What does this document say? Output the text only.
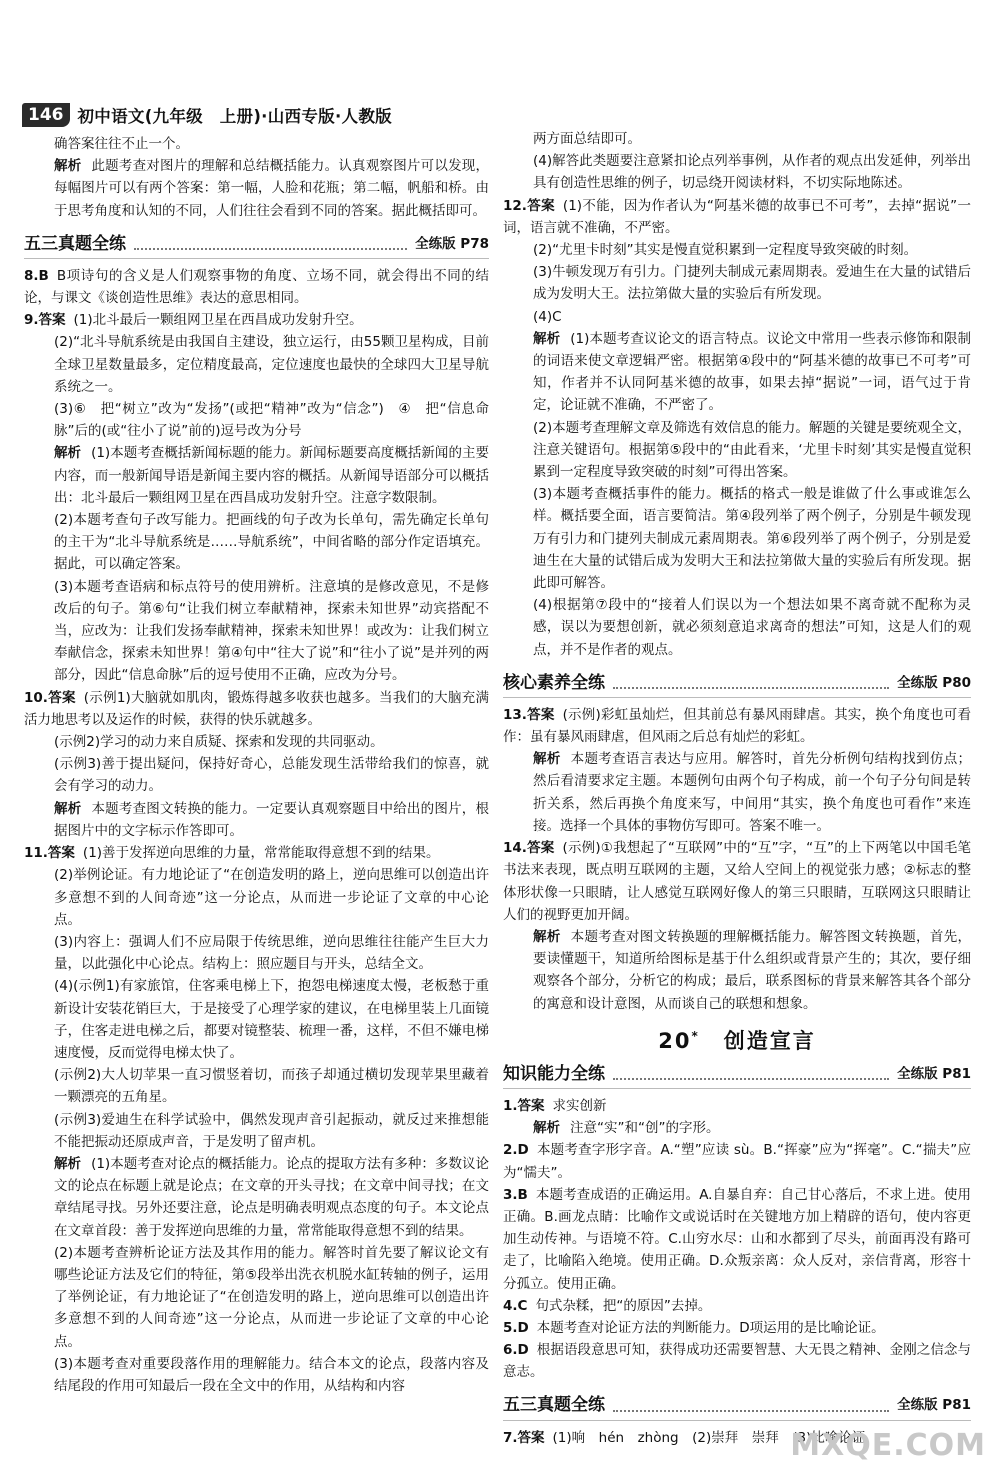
146 初中语文(九年级　上册)·山西专版·人教版

确答案往往不止一个。

解析 此题考查对图片的理解和总结概括能力。认真观察图片可以发现，每幅图片可以有两个答案：第一幅，人脸和花瓶；第二幅，帆船和桥。由于思考角度和认知的不同，人们往往会看到不同的答案。据此概括即可。

五三真题全练	全练版 P78

8.B B项诗句的含义是人们观察事物的角度、立场不同，就会得出不同的结论，与课文《谈创造性思维》表达的意思相同。

9.答案 (1)北斗最后一颗组网卫星在西昌成功发射升空。

(2)“北斗导航系统是由我国自主建设，独立运行，由55颗卫星构成，目前全球卫星数量最多，定位精度最高，定位速度也最快的全球四大卫星导航系统之一。

(3)⑥　把“树立”改为“发扬”(或把“精神”改为“信念”)　④　把“信息命脉”后的(或“往小了说”前的)逗号改为分号

解析 (1)本题考查概括新闻标题的能力。新闻标题要高度概括新闻的主要内容，而一般新闻导语是新闻主要内容的概括。从新闻导语部分可以概括出：北斗最后一颗组网卫星在西昌成功发射升空。注意字数限制。

(2)本题考查句子改写能力。把画线的句子改为长单句，需先确定长单句的主干为“北斗导航系统是……导航系统”，中间省略的部分作定语填充。据此，可以确定答案。

(3)本题考查语病和标点符号的使用辨析。注意填的是修改意见，不是修改后的句子。第⑥句“让我们树立奉献精神，探索未知世界”动宾搭配不当，应改为：让我们发扬奉献精神，探索未知世界！或改为：让我们树立奉献信念，探索未知世界！第④句中“往大了说”和“往小了说”是并列的两部分，因此“信息命脉”后的逗号使用不正确，应改为分号。

10.答案 (示例1)大脑就如肌肉，锻炼得越多收获也越多。当我们的大脑充满活力地思考以及运作的时候，获得的快乐就越多。

(示例2)学习的动力来自质疑、探索和发现的共同驱动。

(示例3)善于提出疑问，保持好奇心，总能发现生活带给我们的惊喜，就会有学习的动力。

解析 本题考查图文转换的能力。一定要认真观察题目中给出的图片，根据图片中的文字标示作答即可。

11.答案 (1)善于发挥逆向思维的力量，常常能取得意想不到的结果。

(2)举例论证。有力地论证了“在创造发明的路上，逆向思维可以创造出许多意想不到的人间奇迹”这一分论点，从而进一步论证了文章的中心论点。

(3)内容上：强调人们不应局限于传统思维，逆向思维往往能产生巨大力量，以此强化中心论点。结构上：照应题目与开头，总结全文。

(4)(示例1)有家旅馆，住客乘电梯上下，抱怨电梯速度太慢，老板愁于重新设计安装花销巨大，于是接受了心理学家的建议，在电梯里装上几面镜子，住客走进电梯之后，都要对镜整装、梳理一番，这样，不但不嫌电梯速度慢，反而觉得电梯太快了。

(示例2)大人切苹果一直习惯竖着切，而孩子却通过横切发现苹果里藏着一颗漂亮的五角星。

(示例3)爱迪生在科学试验中，偶然发现声音引起振动，就反过来推想能不能把振动还原成声音，于是发明了留声机。

解析 (1)本题考查对论点的概括能力。论点的提取方法有多种：多数议论文的论点在标题上就是论点；在文章的开头寻找；在文章中间寻找；在文章结尾寻找。另外还要注意，论点是明确表明观点态度的句子。本文论点在文章首段：善于发挥逆向思维的力量，常常能取得意想不到的结果。

(2)本题考查辨析论证方法及其作用的能力。解答时首先要了解议论文有哪些论证方法及它们的特征，第⑤段举出洗衣机脱水缸转轴的例子，运用了举例论证，有力地论证了“在创造发明的路上，逆向思维可以创造出许多意想不到的人间奇迹”这一分论点，从而进一步论证了文章的中心论点。

(3)本题考查对重要段落作用的理解能力。结合本文的论点，段落内容及结尾段的作用可知最后一段在全文中的作用，从结构和内容

两方面总结即可。

(4)解答此类题要注意紧扣论点列举事例，从作者的观点出发延伸，列举出具有创造性思维的例子，切忌绕开阅读材料，不切实际地陈述。

12.答案 (1)不能，因为作者认为“阿基米德的故事已不可考”，去掉“据说”一词，语言就不准确，不严密。

(2)“尤里卡时刻”其实是慢直觉积累到一定程度导致突破的时刻。

(3)牛顿发现万有引力。门捷列夫制成元素周期表。爱迪生在大量的试错后成为发明大王。法拉第做大量的实验后有所发现。

(4)C

解析 (1)本题考查议论文的语言特点。议论文中常用一些表示修饰和限制的词语来使文章逻辑严密。根据第④段中的“阿基米德的故事已不可考”可知，作者并不认同阿基米德的故事，如果去掉“据说”一词，语气过于肯定，论证就不准确，不严密了。

(2)本题考查理解文章及筛选有效信息的能力。解题的关键是要统观全文，注意关键语句。根据第⑤段中的“由此看来，‘尤里卡时刻’其实是慢直觉积累到一定程度导致突破的时刻”可得出答案。

(3)本题考查概括事件的能力。概括的格式一般是谁做了什么事或谁怎么样。概括要全面，语言要简洁。第④段列举了两个例子，分别是牛顿发现万有引力和门捷列夫制成元素周期表。第⑥段列举了两个例子，分别是爱迪生在大量的试错后成为发明大王和法拉第做大量的实验后有所发现。据此即可解答。

(4)根据第⑦段中的“接着人们误以为一个想法如果不离奇就不配称为灵感，误以为要想创新，就必须刻意追求离奇的想法”可知，这是人们的观点，并不是作者的观点。

核心素养全练	全练版 P80

13.答案 (示例)彩虹虽灿烂，但其前总有暴风雨肆虐。其实，换个角度也可看作：虽有暴风雨肆虐，但风雨之后总有灿烂的彩虹。

解析 本题考查语言表达与应用。解答时，首先分析例句结构找到仿点；然后看清要求定主题。本题例句由两个句子构成，前一个句子分句间是转折关系，然后再换个角度来写，中间用“其实，换个角度也可看作”来连接。选择一个具体的事物仿写即可。答案不唯一。

14.答案 (示例)①我想起了“互联网”中的“互”字，“互”的上下两笔以中国毛笔书法来表现，既点明互联网的主题，又给人空间上的视觉张力感；②标志的整体形状像一只眼睛，让人感觉互联网好像人的第三只眼睛，互联网这只眼睛让人们的视野更加开阔。

解析 本题考查对图文转换题的理解概括能力。解答图文转换题，首先，要读懂题干，知道所给图标是基于什么组织或背景产生的；其次，要仔细观察各个部分，分析它的构成；最后，联系图标的背景来解答其各个部分的寓意和设计意图，从而谈自己的联想和想象。

20* 创造宣言
知识能力全练	全练版 P81

1.答案 求实创新

解析 注意“实”和“创”的字形。

2.D 本题考查字形字音。A.“塑”应读 sù。B.“挥豪”应为“挥毫”。C.“揣夫”应为“懦夫”。

3.B 本题考查成语的正确运用。A.自暴自弃：自己甘心落后，不求上进。使用正确。B.画龙点睛：比喻作文或说话时在关键地方加上精辟的语句，使内容更加生动传神。与语境不符。C.山穷水尽：山和水都到了尽头，前面再没有路可走了，比喻陷入绝境。使用正确。D.众叛亲离：众人反对，亲信背离，形容十分孤立。使用正确。

4.C 句式杂糅，把“的原因”去掉。

5.D 本题考查对论证方法的判断能力。D项运用的是比喻论证。

6.D 根据语段意思可知，获得成功还需要智慧、大无畏之精神、金刚之信念与意志。

五三真题全练	全练版 P81

7.答案 (1)响　hén　zhòng　(2)崇拜　崇拜　(3)比喻论证

MXQE.COM
